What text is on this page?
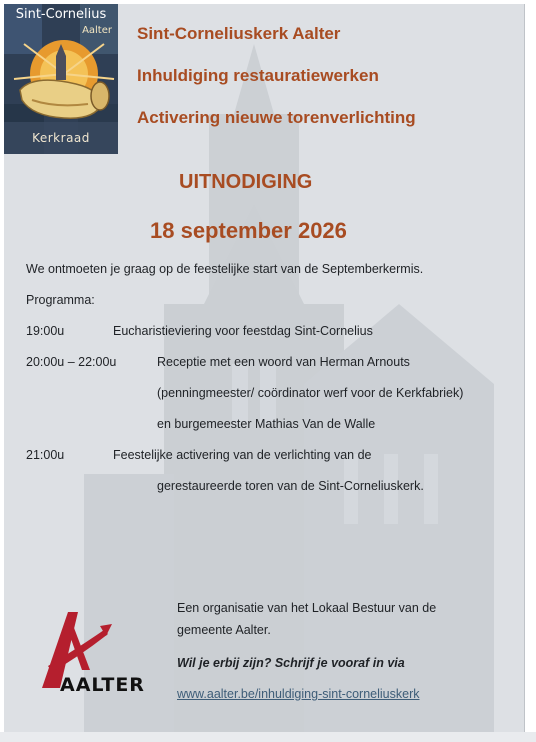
Sint-Cornelius
Aalter
Kerkraad
Sint-Corneliuskerk Aalter
Inhuldiging restauratiewerken
Activering nieuwe torenverlichting
UITNODIGING
18 september 2026
We ontmoeten je graag op de feestelijke start van de Septemberkermis.
Programma:
19:00u	Eucharistieviering voor feestdag Sint-Cornelius
20:00u – 22:00u	Receptie met een woord van Herman Arnouts
(penningmeester/ coördinator werf voor de Kerkfabriek)
en burgemeester Mathias Van de Walle
21:00u	Feestelijke activering van de verlichting van de
gerestaureerde toren van de Sint-Corneliuskerk.
AALTER
Een organisatie van het Lokaal Bestuur van de
gemeente Aalter.
Wil je erbij zijn? Schrijf je vooraf in via
www.aalter.be/inhuldiging-sint-corneliuskerk
